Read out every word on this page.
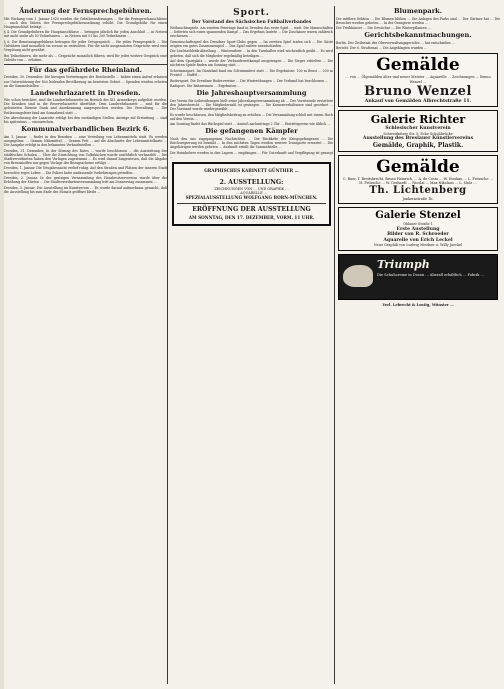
Änderung der Fernsprechgebühren.
Mit Wirkung vom 1. Januar 1920 werden die Gebührensätzungen … für die Fernsprechanschlüsse … nach den Sätzen der Fernsprechgebührenordnung erhöht. Die Grundgebühr für einen Hauptanschluß beträgt …
§ 4. Die Grundgebühren für Hauptanschlüsse … betragen jährlich für jeden Anschluß … in Netzen mit nicht mehr als 50 Teilnehmern … in Netzen mit 51 bis 200 Teilnehmern …
§ 6. Die Benutzungsgebühren betragen für jedes Ortsgespräch … für jedes Ferngespräch … Die Gebühren sind monatlich im voraus zu entrichten. Für die nicht ausgenutzten Gespräche wird eine Vergütung nicht gewährt.
Bei Teilnehmern, die mehr als … Gespräche monatlich führen, wird für jedes weitere Gespräch eine Gebühr von … erhoben.
Für das gefährdete Rheinland.
Dresden, 30. Dezember. Die hiesigen Vertretungen der Reichsstelle … haben einen Aufruf erlassen zur Unterstützung der Not leidenden Bevölkerung im besetzten Gebiet … Spenden werden erbeten an die Sammelstellen …
Landwehrlazarett in Dresden.
Wie schon berichtet, sind die Landwehrlazarette im Bereich des XII. Armeekorps aufgelöst worden. Die Kranken sind in die Reservelazarette überführt. Dem Landwehrlazarett … sind für die geleisteten Dienste Dank und Anerkennung ausgesprochen worden. Die Verwaltung … Die Entlassungsfeier fand am Sonnabend statt …
Die Abrechnung der Lazarette erfolgt bei den zuständigen Stellen. Anträge auf Erstattung … sind bis spätestens … einzureichen.
Kommunalverbandlichen Bezirk 6.
Am 1. Januar … findet in den Bezirken … eine Verteilung von Lebensmitteln statt. Es werden ausgegeben: … Gramm Nährmittel, … Gramm Fett … auf die Abschnitte der Lebensmittelkarte … Die Ausgabe erfolgt in den bekannten Verkaufsstellen …
Dresden, 31. Dezember. In der Sitzung des Rates … wurde beschlossen … die Ausstattung der städtischen Schulen … Über die Einrichtung von Volksküchen wurde ausführlich verhandelt … Die Stadtverordneten haben den Vorlagen zugestimmt … Es wird darauf hingewiesen, daß die Abgabe von Brennstoffen nur gegen Vorlage der Bezugsscheine erfolgt …
Dresden, 1. Januar. Die Neujahrsnacht verlief ruhig. Auf den Straßen und Plätzen der inneren Stadt herrschte reges Leben … Die Polizei hatte umfassende Vorkehrungen getroffen …
Dresden, 2. Januar. In der gestrigen Versammlung des Hausbesitzervereins wurde über die Erhöhung der Mieten … Die Stadtverordnetenversammlung tritt am Donnerstag zusammen …
Dresden, 3. Januar. Die Ausstellung im Kunstverein … Es wurde darauf aufmerksam gemacht, daß die Ausstellung bis zum Ende des Monats geöffnet bleibt …
Sport.
Der Vorstand des Sächsischen Fußballverbandes
Weihnachtsspiele. Am zweiten Feiertage fand in Dresden das erste Spiel … statt. Die Mannschaften … lieferten sich einen spannenden Kampf … Das Ergebnis lautete … Die Zuschauer waren zahlreich erschienen …
Gemeinschaftsspiel des Dresdner Sport-Clubs gegen … Im zweiten Spiel trafen sich … Die Gäste zeigten ein gutes Zusammenspiel … Das Spiel endete unentschieden …
Die Leichtathletik-Abteilung … Winterarbeit … In den Turnhallen wird wöchentlich geübt … Es wird gebeten, daß sich die Mitglieder regelmäßig beteiligen …
Auf dem Sportplatz … wurde der Verbandswettkampf ausgetragen … Die Sieger erhielten … Die nächsten Spiele finden am Sonntag statt …
Schwimmsport. Im Güntzbad fand ein Schwimmfest statt … Die Ergebnisse: 100 m Brust … 200 m Freistil … Staffel …
Rudersport. Die Dresdner Rudervereine … Die Winterübungen … Der Verband hat beschlossen …
Radsport. Die Bahnrennen … Ergebnisse …
Die Jahreshauptversammlung
Der Verein für Leibesübungen hielt seine Jahreshauptversammlung ab … Der Vorsitzende erstattete den Jahresbericht … Die Mitgliederzahl ist gestiegen … Die Kassenverhältnisse sind geordnet … Der Vorstand wurde wiedergewählt …
Es wurde beschlossen, den Mitgliedsbeitrag zu erhöhen … Die Versammlung schloß mit einem Hoch auf den Verein …
Am Sonntag findet das Rückspiel statt … Anstoß nachmittags 2 Uhr … Eintrittspreise wie üblich …
Die gefangenen Kämpfer
Nach den uns zugegangenen Nachrichten … Die Rückkehr der Kriegsgefangenen … Die Reichsregierung ist bemüht … In den nächsten Tagen werden weitere Transporte erwartet … Die Angehörigen werden gebeten … Auskunft erteilt die Sammelstelle …
Die Heimkehrer werden in den Lagern … empfangen … Für Unterkunft und Verpflegung ist gesorgt …
GRAPHISCHES KABINETT GÜNTHER …
…
2. AUSSTELLUNG:
ZEICHNUNGEN VON … UND GRAPHIK …
… AQUARELLE …
SPEZIALAUSSTELLUNG WOLFGANG BORN-MÜNCHEN.
ERÖFFNUNG DER AUSSTELLUNG
AM SONNTAG, DEN 17. DEZEMBER, VORM. 11 UHR.
Blumenpark.
Die mittlere Sektion … Die Blumen blühen … Die Anlagen des Parks sind … Der Gärtner hat … Die Besucher werden gebeten … In der Orangerie werden …
Die Treibhäuser … Die Gewächse … Die Winterpflanzen …
Gerichtsbekanntmachungen.
Berlin. Der Zivilsenat des Oberverwaltungsgerichts … hat entschieden …
Bericht. Der 6. Strafsenat … Die Angeklagten wurden …
Gemälde
… von … Ölgemälden alter und neuer Meister … Aquarelle … Zeichnungen … Bruno Wenzel …
Bruno Wenzel
Ankauf von Gemälden Albrechtstraße 11.
Galerie Richter
Schlesischer Kunstverein
Schweidnitzer Str. 9, Ecke Schuhbrücke
Ausstellung des Breslauer Künstlervereins
Gemälde, Graphik, Plastik.
Gemälde
C. Baer, T. Breitsbrecht, Bruno Heinrich, … A. de Costa … W. Dieskau … L. Fritzsche … H. Fritzsche … W. Gerhardt … Nicolai … Max Nikolaus … L. Stolz …
Th. Lichtenberg
Junkernstraße 1b.
Galerie Stenzel
Ohlauer Straße 1
Erste Austellung
Bilder von R. Schroeder
Aquarelle von Erich Leckel
Neue Graphik von Ludwig Meidner u. Willy Jaeckel
Triumph
Die Schuhcreme in Dosen … überall erhältlich … Fabrik …
Verl. Lebrecht & Lustig, Münster …
